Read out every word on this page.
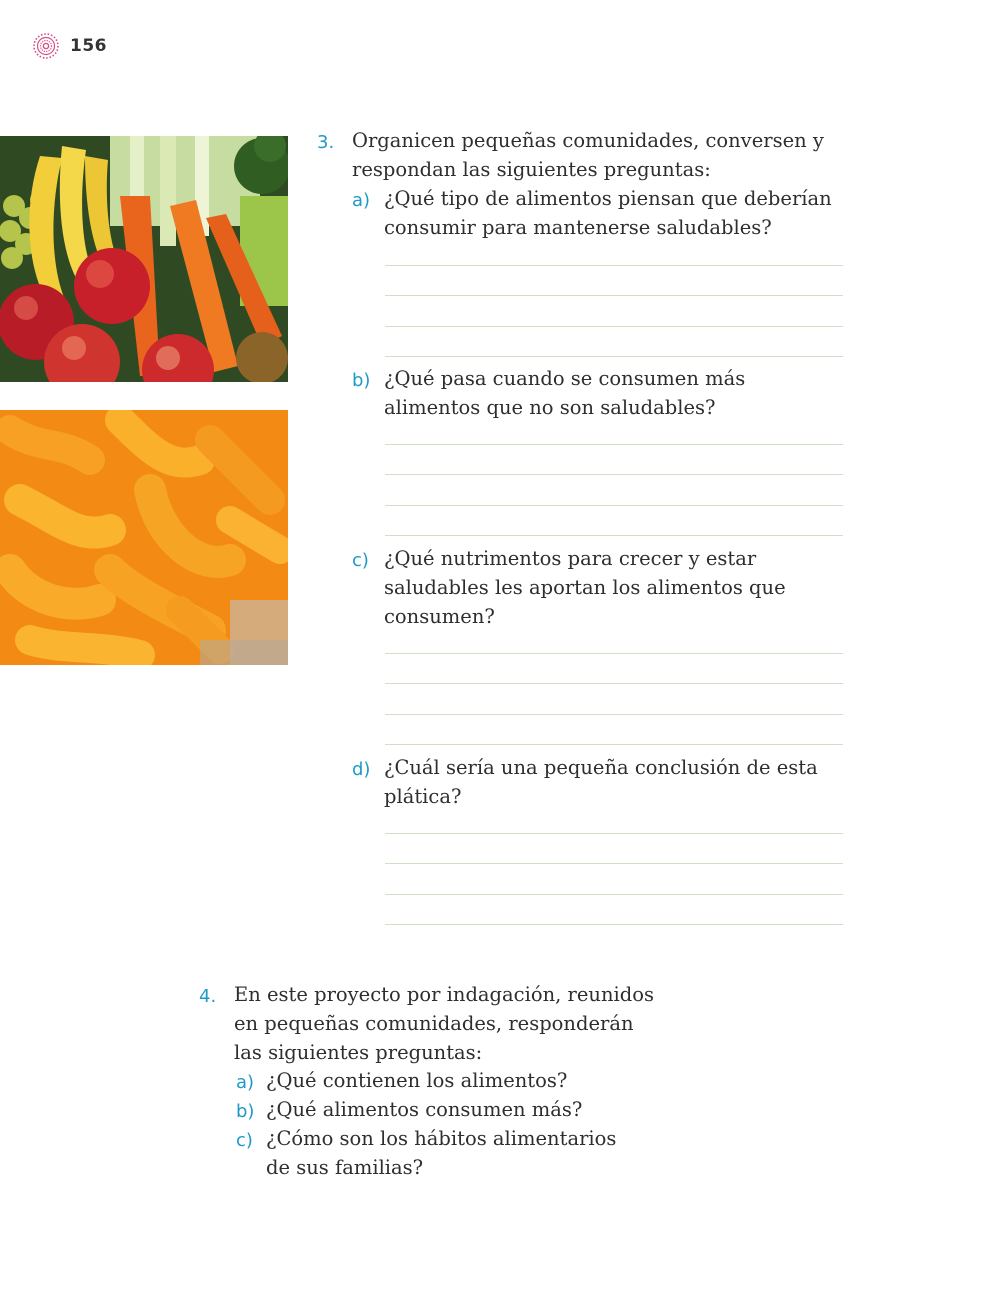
156
3. Organicen pequeñas comunidades, conversen y

respondan las siguientes preguntas:

a) ¿Qué tipo de alimentos piensan que deberían

consumir para mantenerse saludables?

b) ¿Qué pasa cuando se consumen más

alimentos que no son saludables?

c) ¿Qué nutrimentos para crecer y estar

saludables les aportan los alimentos que

consumen?

d) ¿Cuál sería una pequeña conclusión de esta

plática?

4. En este proyecto por indagación, reunidos

en pequeñas comunidades, responderán

las siguientes preguntas:

a) ¿Qué contienen los alimentos?

b) ¿Qué alimentos consumen más?

c) ¿Cómo son los hábitos alimentarios

de sus familias?
